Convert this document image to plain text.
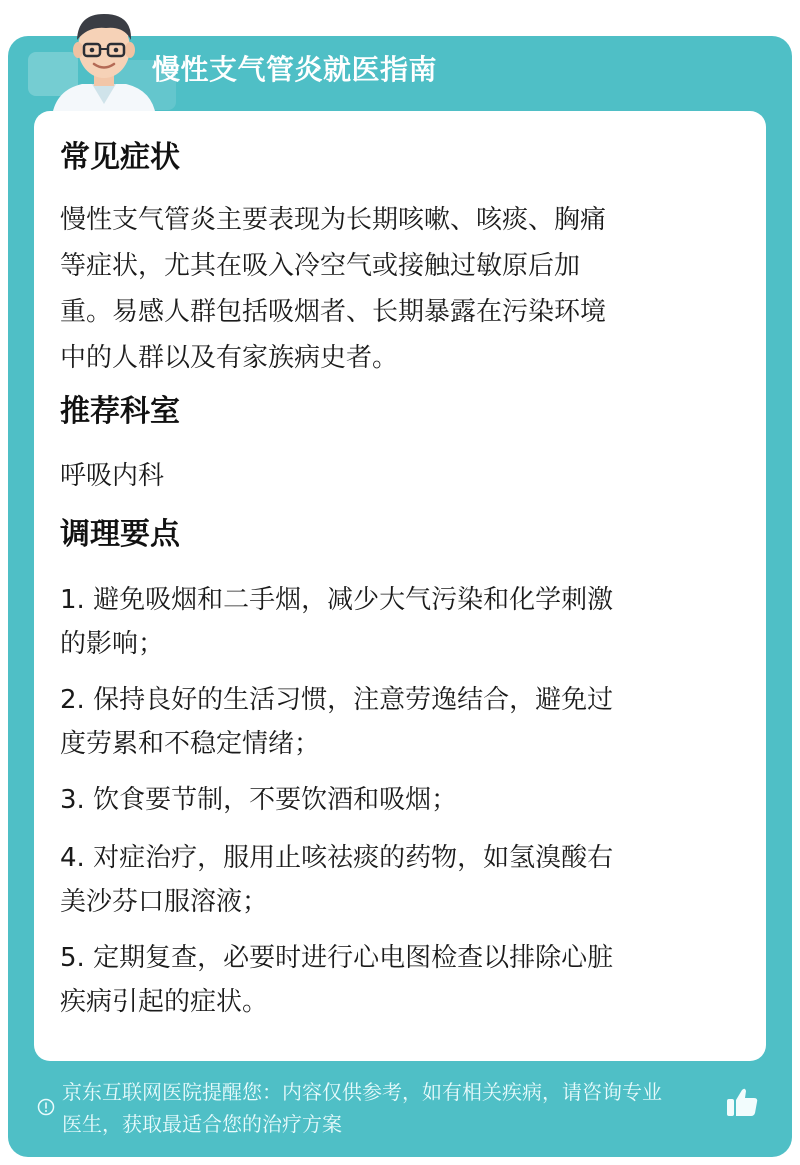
慢性支气管炎就医指南
常见症状
慢性支气管炎主要表现为长期咳嗽、咳痰、胸痛
等症状，尤其在吸入冷空气或接触过敏原后加
重。易感人群包括吸烟者、长期暴露在污染环境
中的人群以及有家族病史者。
推荐科室
呼吸内科
调理要点
1. 避免吸烟和二手烟，减少大气污染和化学刺激
的影响；
2. 保持良好的生活习惯，注意劳逸结合，避免过
度劳累和不稳定情绪；
3. 饮食要节制，不要饮酒和吸烟；
4. 对症治疗，服用止咳祛痰的药物，如氢溴酸右
美沙芬口服溶液；
5. 定期复查，必要时进行心电图检查以排除心脏
疾病引起的症状。
京东互联网医院提醒您：内容仅供参考，如有相关疾病，请咨询专业
医生，获取最适合您的治疗方案
